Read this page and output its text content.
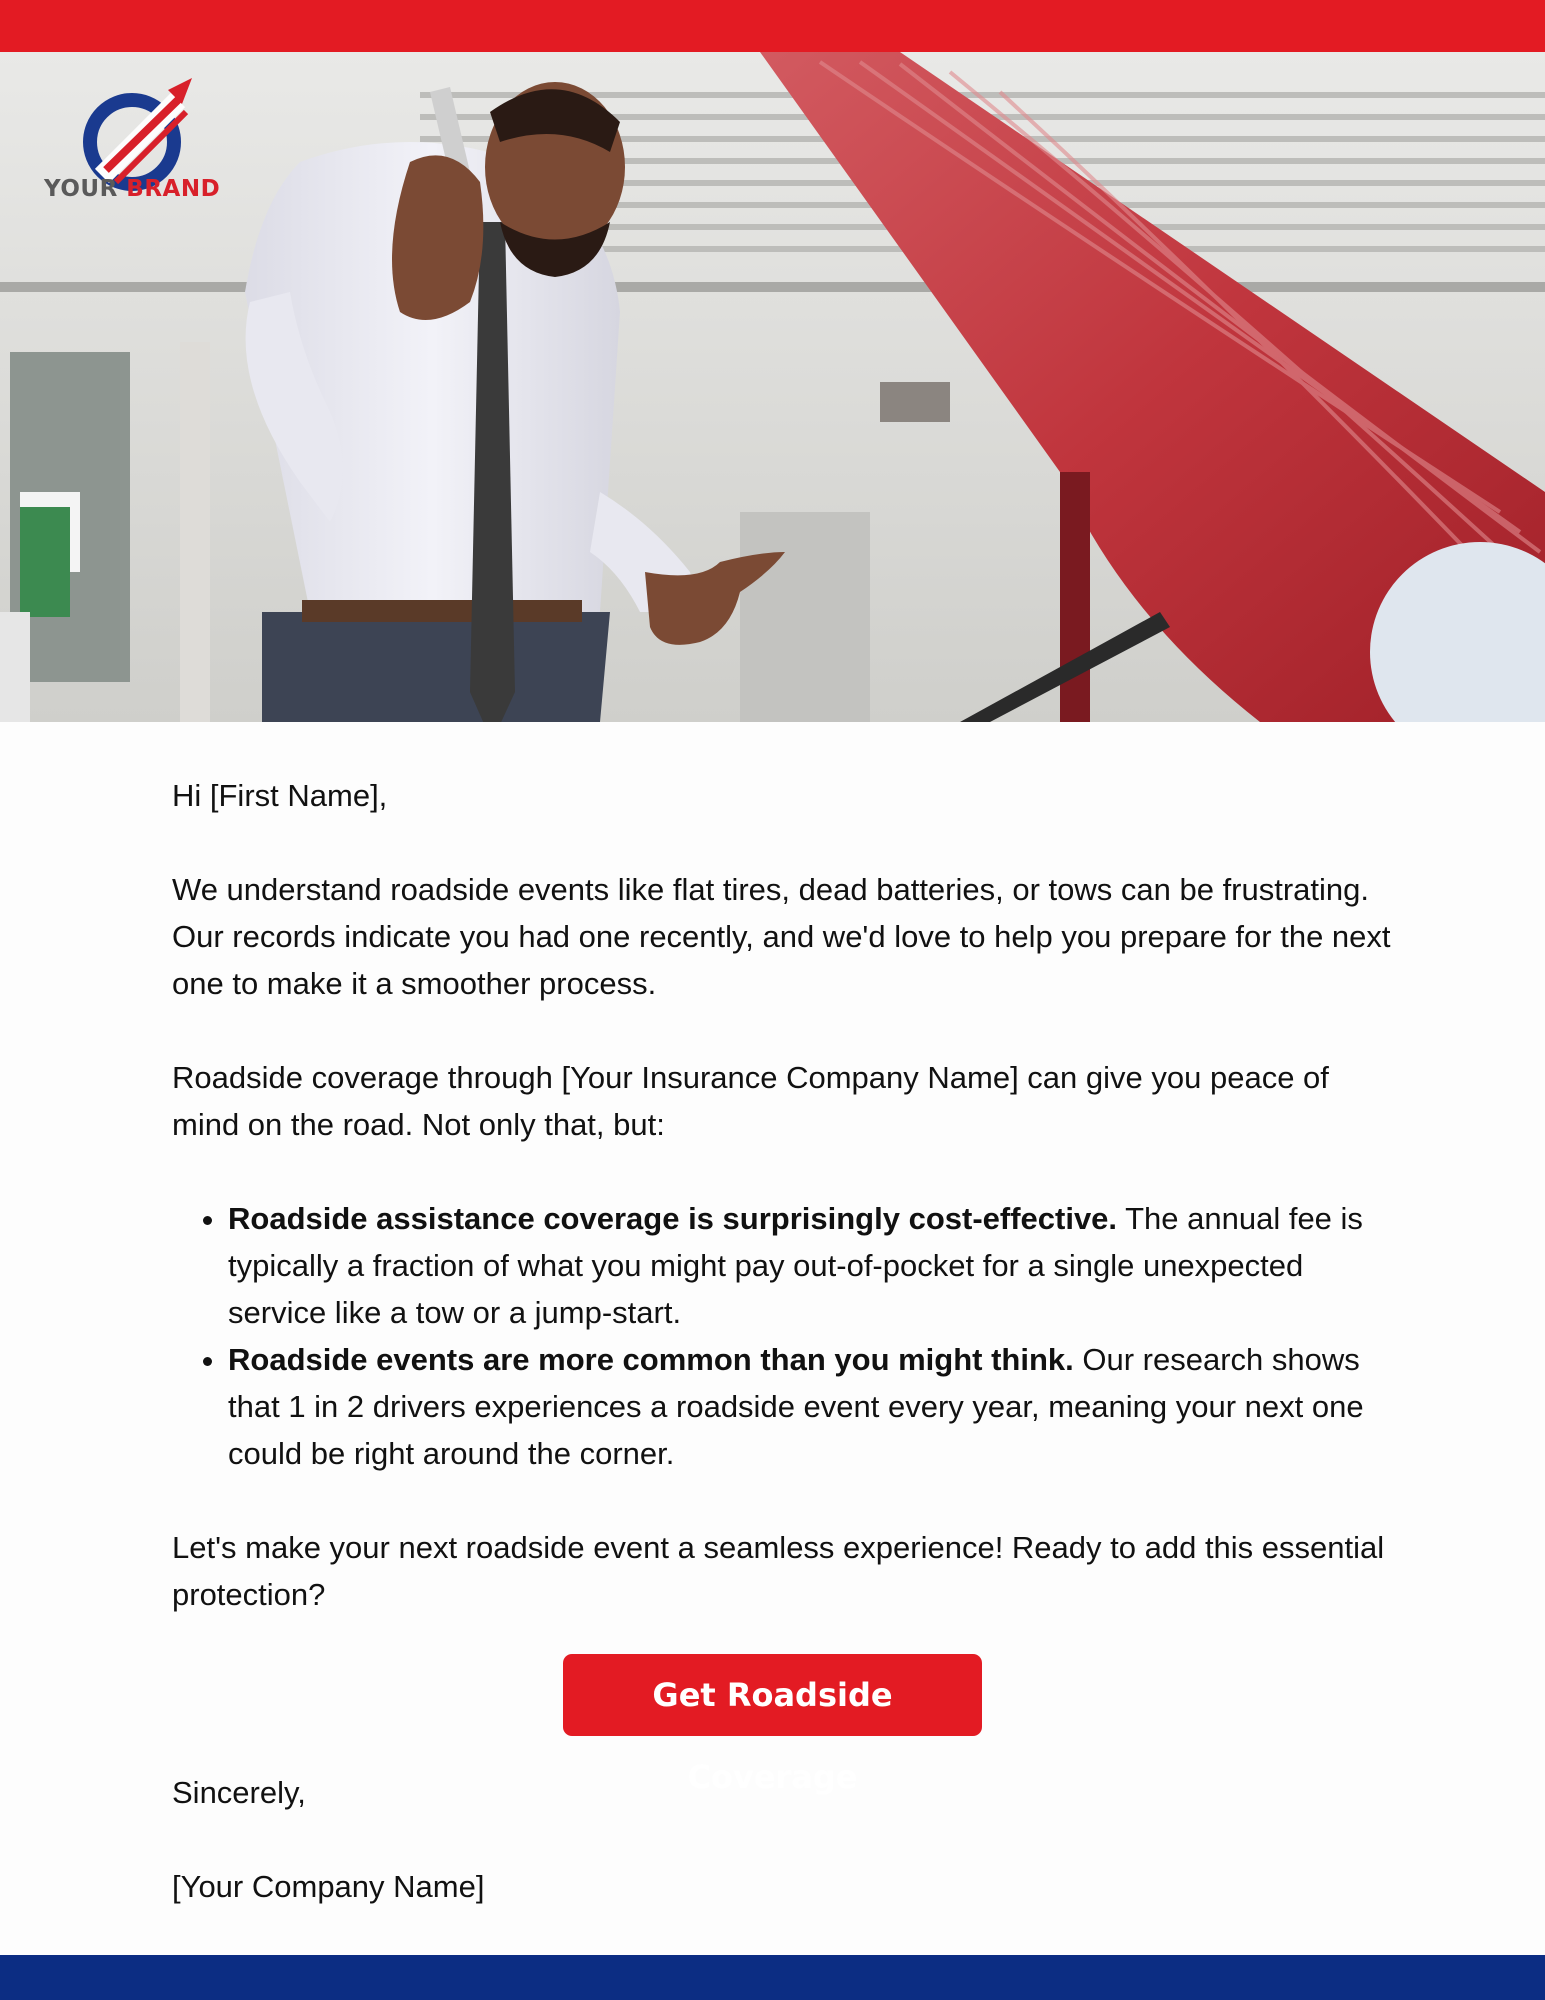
YOUR BRAND

Hi [First Name],

We understand roadside events like flat tires, dead batteries, or tows can be frustrating. Our records indicate you had one recently, and we'd love to help you prepare for the next one to make it a smoother process.

Roadside coverage through [Your Insurance Company Name] can give you peace of mind on the road. Not only that, but:

• Roadside assistance coverage is surprisingly cost-effective. The annual fee is typically a fraction of what you might pay out-of-pocket for a single unexpected service like a tow or a jump-start.
• Roadside events are more common than you might think. Our research shows that 1 in 2 drivers experiences a roadside event every year, meaning your next one could be right around the corner.

Let's make your next roadside event a seamless experience! Ready to add this essential protection?

Get Roadside Coverage

Sincerely,

[Your Company Name]
